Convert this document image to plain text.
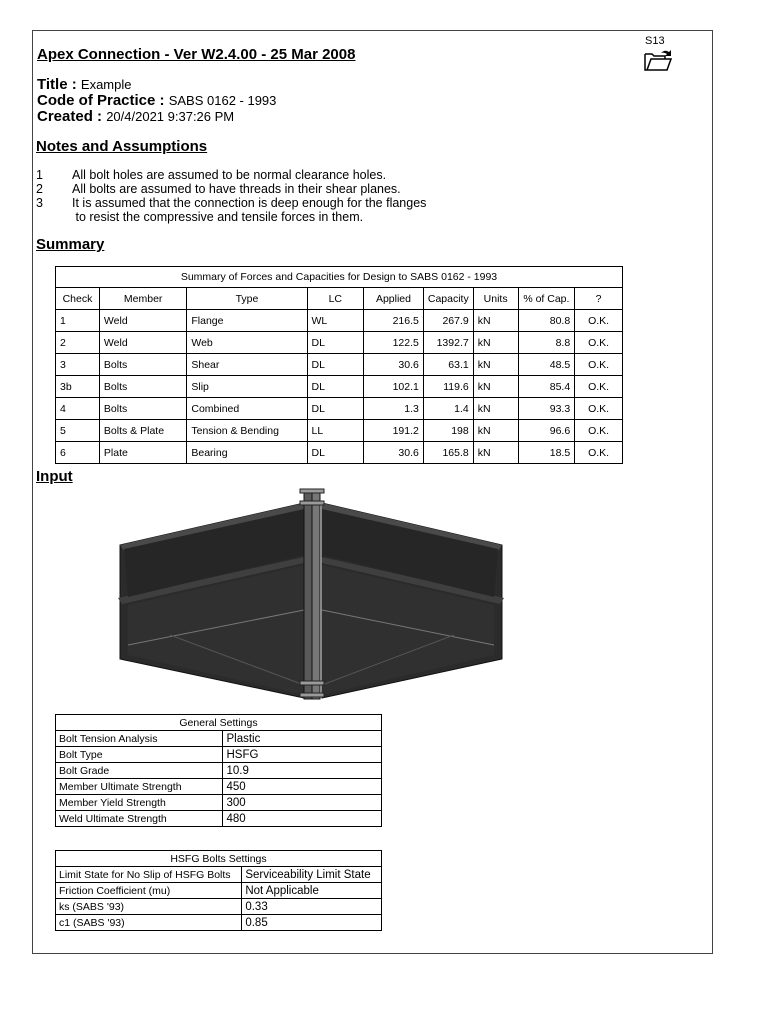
Apex Connection - Ver W2.4.00 - 25 Mar 2008
S13
Title : Example
Code of Practice : SABS 0162 - 1993
Created : 20/4/2021 9:37:26 PM
Notes and Assumptions
1	All bolt holes are assumed to be normal clearance holes.
2	All bolts are assumed to have threads in their shear planes.
3	It is assumed that the connection is deep enough for the flanges
to resist the compressive and tensile forces in them.
Summary
Summary of Forces and Capacities for Design to SABS 0162 - 1993								
Check	Member	Type	LC	Applied	Capacity	Units	% of Cap.	?
1	Weld	Flange	WL	216.5	267.9	kN	80.8	O.K.
2	Weld	Web	DL	122.5	1392.7	kN	8.8	O.K.
3	Bolts	Shear	DL	30.6	63.1	kN	48.5	O.K.
3b	Bolts	Slip	DL	102.1	119.6	kN	85.4	O.K.
4	Bolts	Combined	DL	1.3	1.4	kN	93.3	O.K.
5	Bolts & Plate	Tension & Bending	LL	191.2	198	kN	96.6	O.K.
6	Plate	Bearing	DL	30.6	165.8	kN	18.5	O.K.
Input
General Settings	
Bolt Tension Analysis	Plastic
Bolt Type	HSFG
Bolt Grade	10.9
Member Ultimate Strength	450
Member Yield Strength	300
Weld Ultimate Strength	480
HSFG Bolts Settings	
Limit State for No Slip of HSFG Bolts	Serviceability Limit State
Friction Coefficient (mu)	Not Applicable
ks (SABS '93)	0.33
c1 (SABS '93)	0.85
